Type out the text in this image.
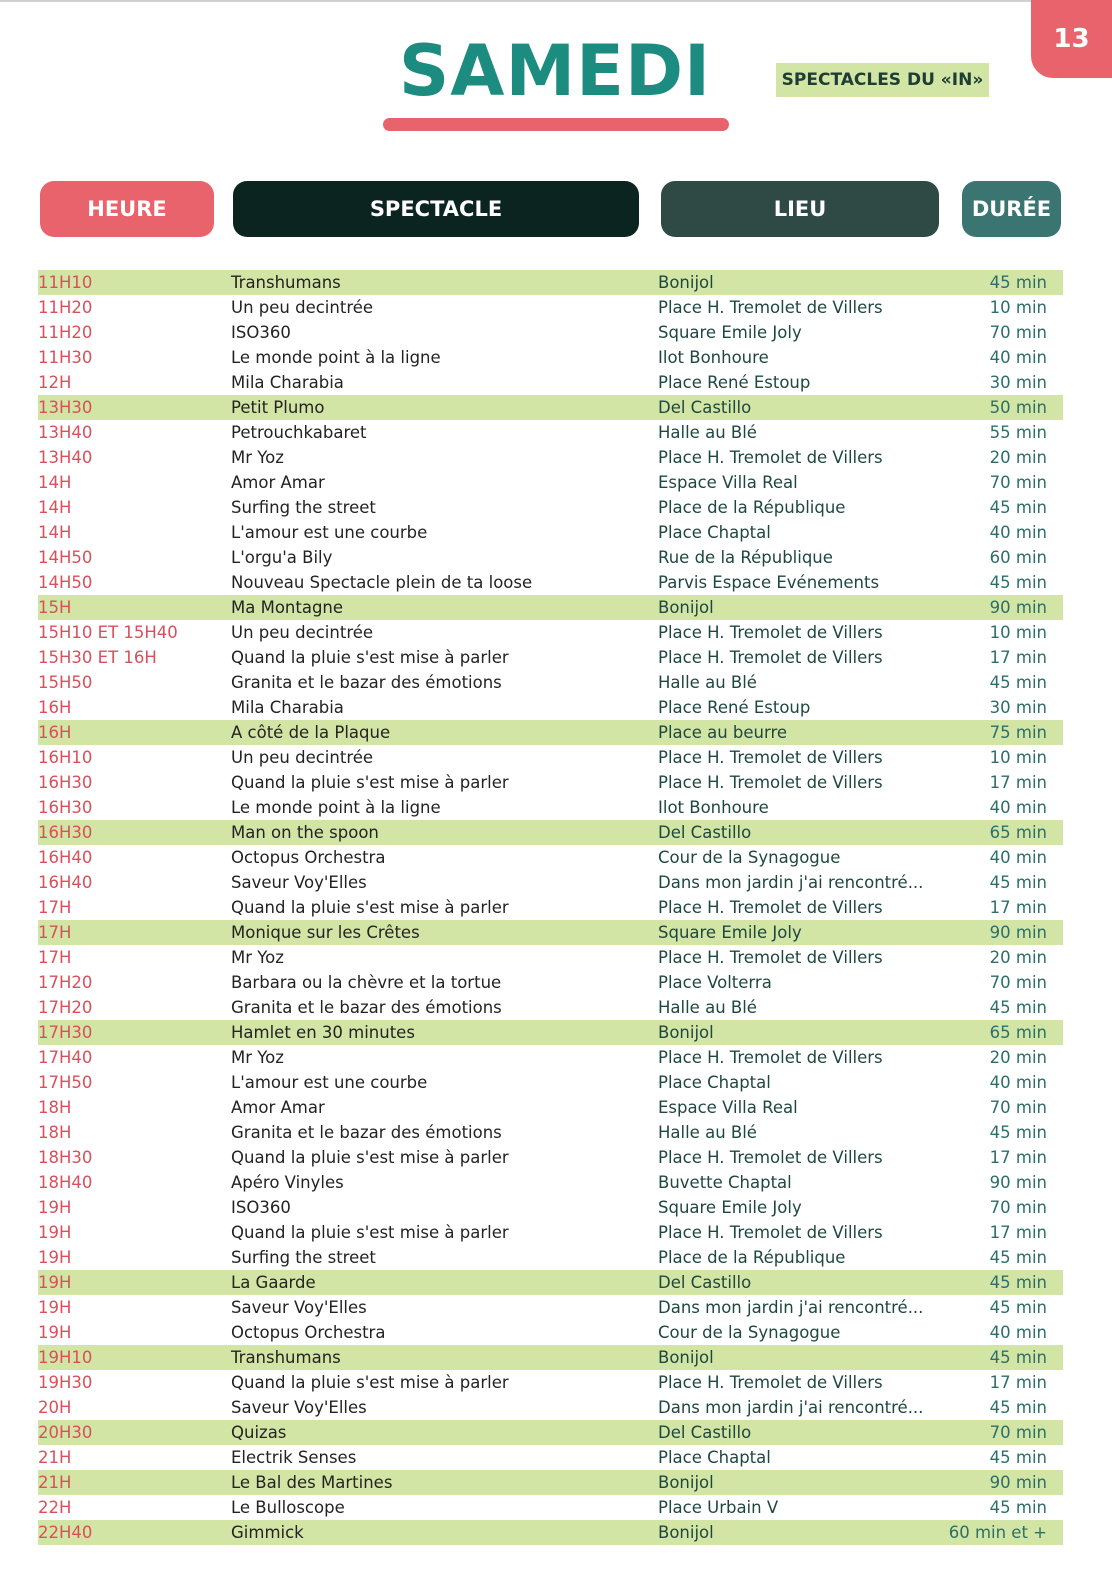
13
SAMEDI	SPECTACLES DU «IN»
HEURE	SPECTACLE	LIEU	DURÉE
11H10	Transhumans	Bonijol	45 min
11H20	Un peu decintrée	Place H. Tremolet de Villers	10 min
11H20	ISO360	Square Emile Joly	70 min
11H30	Le monde point à la ligne	Ilot Bonhoure	40 min
12H	Mila Charabia	Place René Estoup	30 min
13H30	Petit Plumo	Del Castillo	50 min
13H40	Petrouchkabaret	Halle au Blé	55 min
13H40	Mr Yoz	Place H. Tremolet de Villers	20 min
14H	Amor Amar	Espace Villa Real	70 min
14H	Surfing the street	Place de la République	45 min
14H	L'amour est une courbe	Place Chaptal	40 min
14H50	L'orgu'a Bily	Rue de la République	60 min
14H50	Nouveau Spectacle plein de ta loose	Parvis Espace Evénements	45 min
15H	Ma Montagne	Bonijol	90 min
15H10 ET 15H40	Un peu decintrée	Place H. Tremolet de Villers	10 min
15H30 ET 16H	Quand la pluie s'est mise à parler	Place H. Tremolet de Villers	17 min
15H50	Granita et le bazar des émotions	Halle au Blé	45 min
16H	Mila Charabia	Place René Estoup	30 min
16H	A côté de la Plaque	Place au beurre	75 min
16H10	Un peu decintrée	Place H. Tremolet de Villers	10 min
16H30	Quand la pluie s'est mise à parler	Place H. Tremolet de Villers	17 min
16H30	Le monde point à la ligne	Ilot Bonhoure	40 min
16H30	Man on the spoon	Del Castillo	65 min
16H40	Octopus Orchestra	Cour de la Synagogue	40 min
16H40	Saveur Voy'Elles	Dans mon jardin j'ai rencontré...	45 min
17H	Quand la pluie s'est mise à parler	Place H. Tremolet de Villers	17 min
17H	Monique sur les Crêtes	Square Emile Joly	90 min
17H	Mr Yoz	Place H. Tremolet de Villers	20 min
17H20	Barbara ou la chèvre et la tortue	Place Volterra	70 min
17H20	Granita et le bazar des émotions	Halle au Blé	45 min
17H30	Hamlet en 30 minutes	Bonijol	65 min
17H40	Mr Yoz	Place H. Tremolet de Villers	20 min
17H50	L'amour est une courbe	Place Chaptal	40 min
18H	Amor Amar	Espace Villa Real	70 min
18H	Granita et le bazar des émotions	Halle au Blé	45 min
18H30	Quand la pluie s'est mise à parler	Place H. Tremolet de Villers	17 min
18H40	Apéro Vinyles	Buvette Chaptal	90 min
19H	ISO360	Square Emile Joly	70 min
19H	Quand la pluie s'est mise à parler	Place H. Tremolet de Villers	17 min
19H	Surfing the street	Place de la République	45 min
19H	La Gaarde	Del Castillo	45 min
19H	Saveur Voy'Elles	Dans mon jardin j'ai rencontré...	45 min
19H	Octopus Orchestra	Cour de la Synagogue	40 min
19H10	Transhumans	Bonijol	45 min
19H30	Quand la pluie s'est mise à parler	Place H. Tremolet de Villers	17 min
20H	Saveur Voy'Elles	Dans mon jardin j'ai rencontré...	45 min
20H30	Quizas	Del Castillo	70 min
21H	Electrik Senses	Place Chaptal	45 min
21H	Le Bal des Martines	Bonijol	90 min
22H	Le Bulloscope	Place Urbain V	45 min
22H40	Gimmick	Bonijol	60 min et +
